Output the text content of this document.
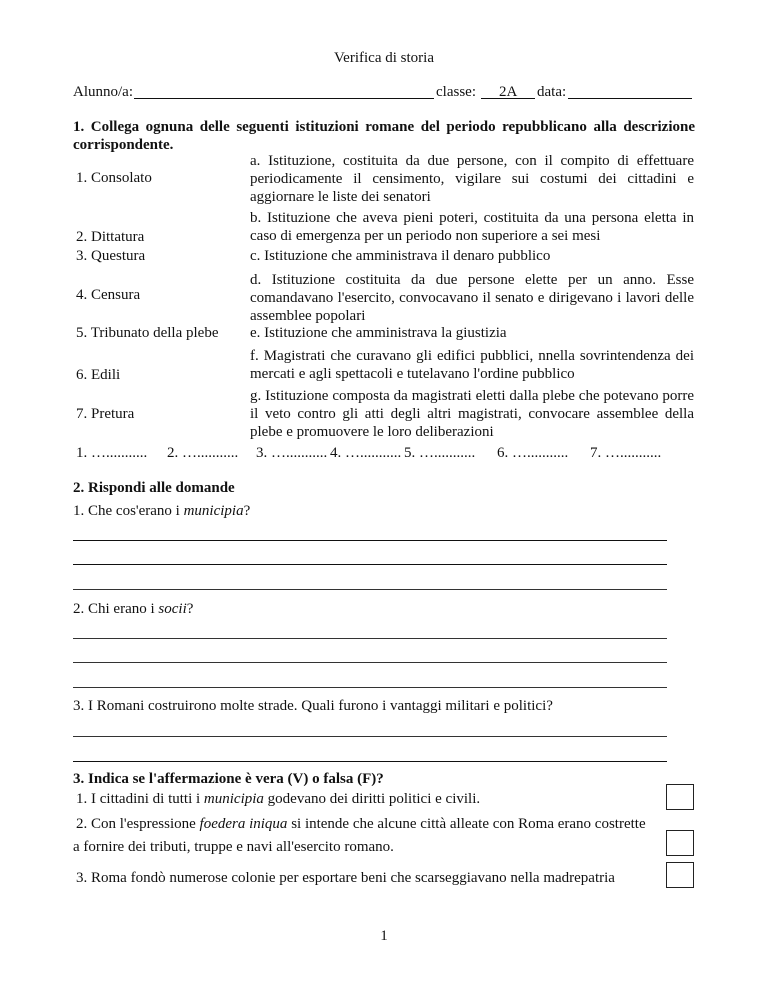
Verifica di storia
Alunno/a:	classe: 2A data:
1. Collega ognuna delle seguenti istituzioni romane del periodo repubblicano alla descrizione corrispondente.
1. Consolato
a. Istituzione, costituita da due persone, con il compito di effettuare periodicamente il censimento, vigilare sui costumi dei cittadini e aggiornare le liste dei senatori
2. Dittatura
b. Istituzione che aveva pieni poteri, costituita da una persona eletta in caso di emergenza per un periodo non superiore a sei mesi
3. Questura	c. Istituzione che amministrava il denaro pubblico
4. Censura
d. Istituzione costituita da due persone elette per un anno. Esse comandavano l'esercito, convocavano il senato e dirigevano i lavori delle assemblee popolari
5. Tribunato della plebe e. Istituzione che amministrava la giustizia
6. Edili
f. Magistrati che curavano gli edifici pubblici, nnella sovrintendenza dei mercati e agli spettacoli e tutelavano l'ordine pubblico
7. Pretura
g. Istituzione composta da magistrati eletti dalla plebe che potevano porre il veto contro gli atti degli altri magistrati, convocare assemblee della plebe e promuovere le loro deliberazioni
1. …........... 2. …........... 3. …........... 4. …........... 5. …........... 6. …........... 7. …...........
2. Rispondi alle domande
1. Che cos'erano i municipia?
2. Chi erano i socii?
3. I Romani costruirono molte strade. Quali furono i vantaggi militari e politici?
3. Indica se l'affermazione è vera (V) o falsa (F)?
1. I cittadini di tutti i municipia godevano dei diritti politici e civili.
2. Con l'espressione foedera iniqua si intende che alcune città alleate con Roma erano costrette
a fornire dei tributi, truppe e navi all'esercito romano.
3. Roma fondò numerose colonie per esportare beni che scarseggiavano nella madrepatria
1
